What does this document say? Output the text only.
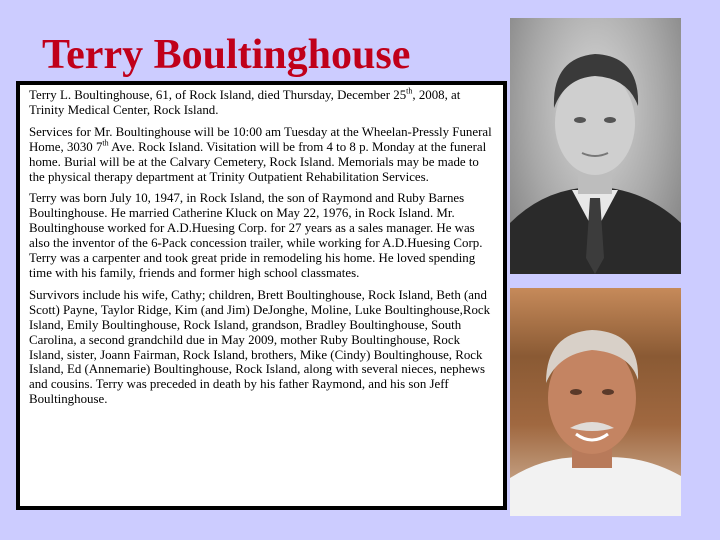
Terry Boultinghouse

Terry L. Boultinghouse, 61, of Rock Island, died Thursday, December 25th, 2008, at Trinity Medical Center, Rock Island.

Services for Mr. Boultinghouse will be 10:00 am Tuesday at the Wheelan-Pressly Funeral Home, 3030 7th Ave. Rock Island. Visitation will be from 4 to 8 p. Monday at the funeral home. Burial will be at the Calvary Cemetery, Rock Island. Memorials may be made to the physical therapy department at Trinity Outpatient Rehabilitation Services.

Terry was born July 10, 1947, in Rock Island, the son of Raymond and Ruby Barnes Boultinghouse. He married Catherine Kluck on May 22, 1976, in Rock Island. Mr. Boultinghouse worked for A.D.Huesing Corp. for 27 years as a sales manager. He was also the inventor of the 6-Pack concession trailer, while working for A.D.Huesing Corp. Terry was a carpenter and took great pride in remodeling his home. He loved spending time with his family, friends and former high school classmates.

Survivors include his wife, Cathy; children, Brett Boultinghouse, Rock Island, Beth (and Scott) Payne, Taylor Ridge, Kim (and Jim) DeJonghe, Moline, Luke Boultinghouse,Rock Island, Emily Boultinghouse, Rock Island, grandson, Bradley Boultinghouse, South Carolina, a second grandchild due in May 2009, mother Ruby Boultinghouse, Rock Island, sister, Joann Fairman, Rock Island, brothers, Mike (Cindy) Boultinghouse, Rock Island, Ed (Annemarie) Boultinghouse, Rock Island, along with several nieces, nephews and cousins. Terry was preceded in death by his father Raymond, and his son Jeff Boultinghouse.
